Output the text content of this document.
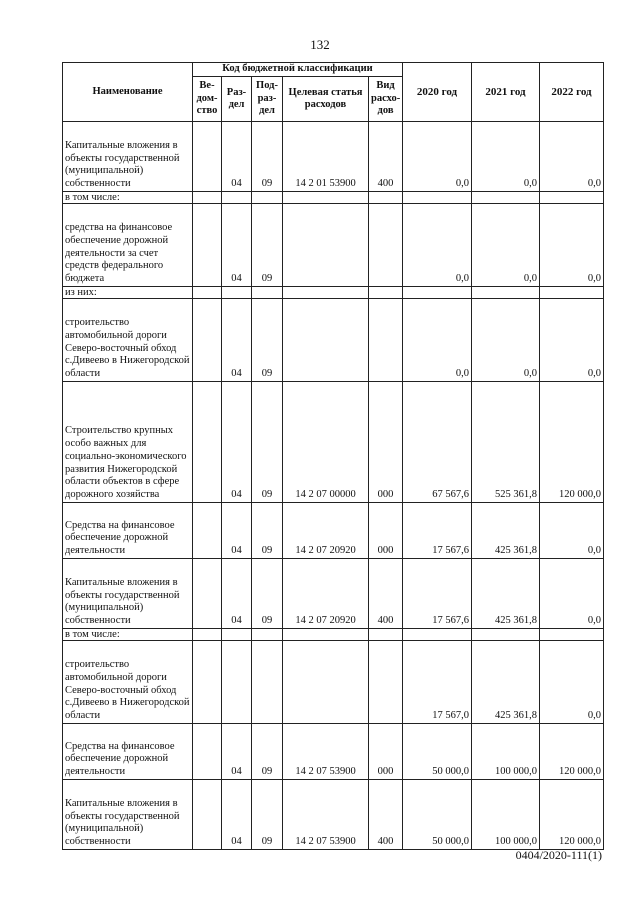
132
Наименование	Код бюджетной классификации					2020 год	2021 год	2022 год
	Ве-дом-ство	Раз-дел	Под-раз-дел	Целевая статья расходов	Вид расхо-дов			
Капитальные вложения в объекты государственной (муниципальной) собственности		04	09	14 2 01 53900	400	0,0	0,0	0,0
в том числе:								
средства на финансовое обеспечение дорожной деятельности за счет средств федерального бюджета		04	09			0,0	0,0	0,0
из них:								
строительство автомобильной дороги Северо-восточный обход с.Дивеево в Нижегородской области		04	09			0,0	0,0	0,0
Строительство крупных особо важных для социально-экономического развития Нижегородской области объектов в сфере дорожного хозяйства		04	09	14 2 07 00000	000	67 567,6	525 361,8	120 000,0
Средства на финансовое обеспечение дорожной деятельности		04	09	14 2 07 20920	000	17 567,6	425 361,8	0,0
Капитальные вложения в объекты государственной (муниципальной) собственности		04	09	14 2 07 20920	400	17 567,6	425 361,8	0,0
в том числе:								
строительство автомобильной дороги Северо-восточный обход с.Дивеево в Нижегородской области						17 567,0	425 361,8	0,0
Средства на финансовое обеспечение дорожной деятельности		04	09	14 2 07 53900	000	50 000,0	100 000,0	120 000,0
Капитальные вложения в объекты государственной (муниципальной) собственности		04	09	14 2 07 53900	400	50 000,0	100 000,0	120 000,0
0404/2020-111(1)
